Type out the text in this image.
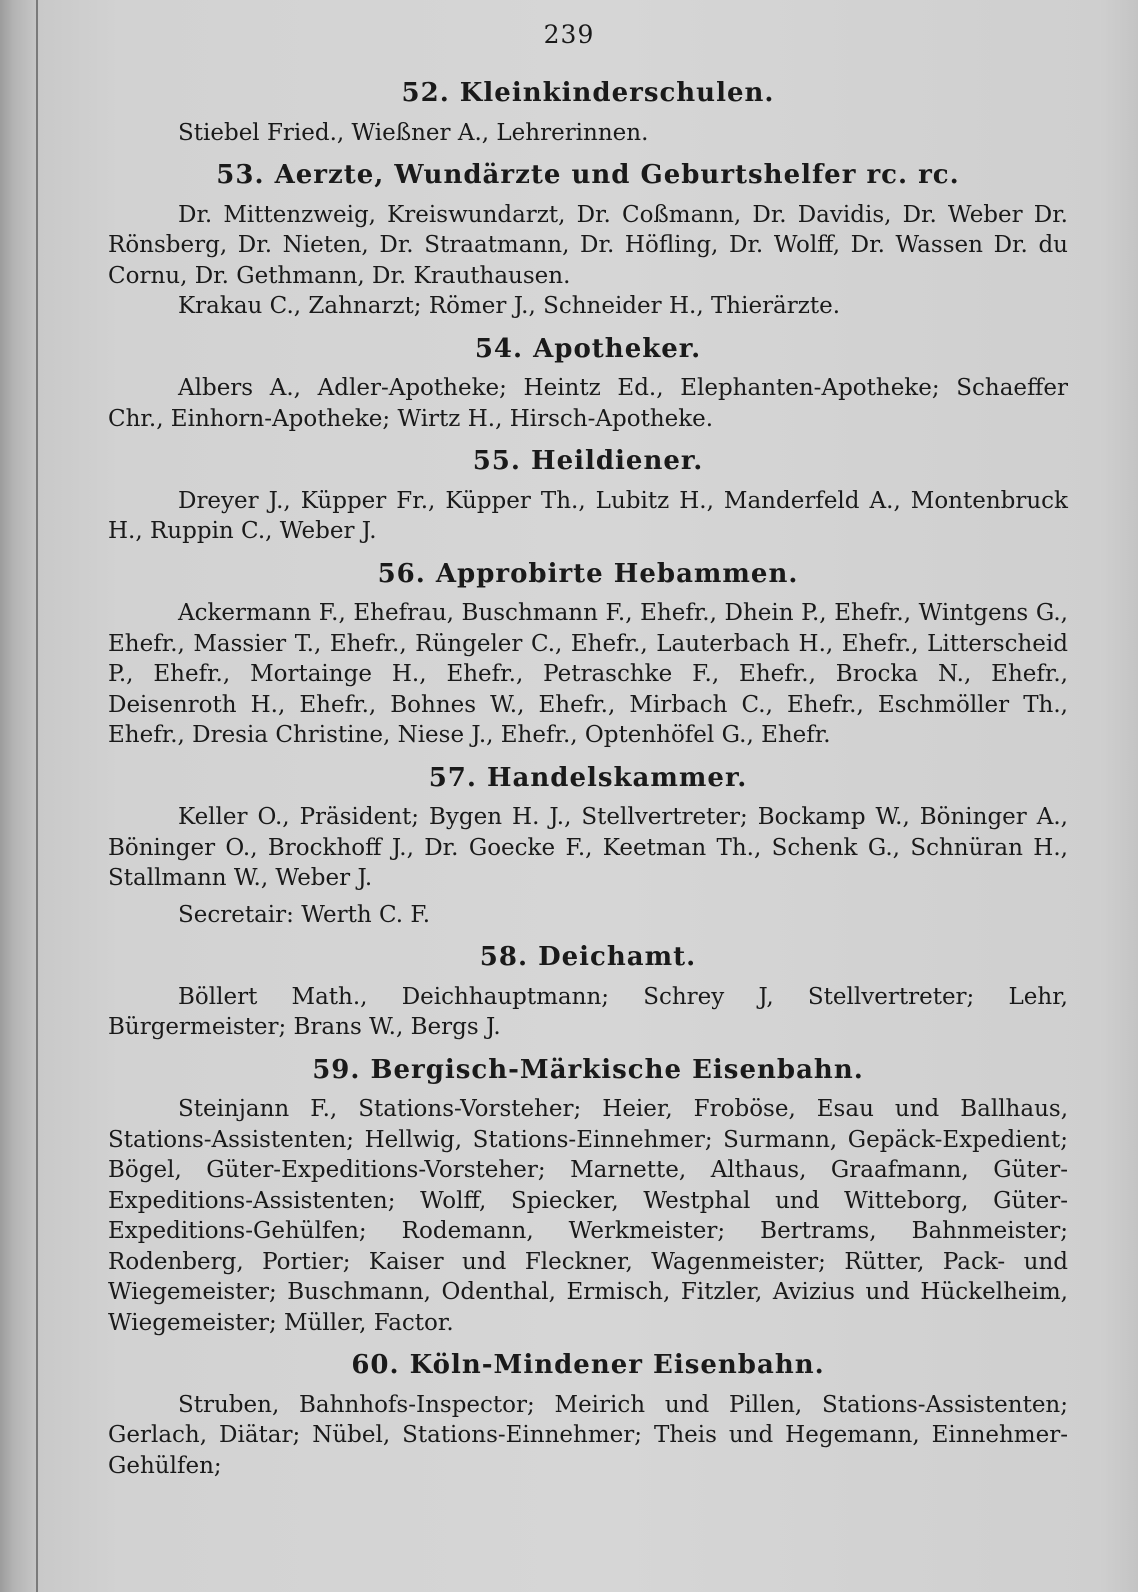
239
52. Kleinkinderschulen.

Stiebel Fried., Wießner A., Lehrerinnen.

53. Aerzte, Wundärzte und Geburtshelfer rc. rc.

Dr. Mittenzweig, Kreiswundarzt, Dr. Coßmann, Dr. Davidis, Dr. Weber Dr. Rönsberg, Dr. Nieten, Dr. Straatmann, Dr. Höfling, Dr. Wolff, Dr. Wassen Dr. du Cornu, Dr. Gethmann, Dr. Krauthausen.

Krakau C., Zahnarzt; Römer J., Schneider H., Thierärzte.

54. Apotheker.

Albers A., Adler-Apotheke; Heintz Ed., Elephanten-Apotheke; Schaeffer Chr., Einhorn-Apotheke; Wirtz H., Hirsch-Apotheke.

55. Heildiener.

Dreyer J., Küpper Fr., Küpper Th., Lubitz H., Manderfeld A., Montenbruck H., Ruppin C., Weber J.

56. Approbirte Hebammen.

Ackermann F., Ehefrau, Buschmann F., Ehefr., Dhein P., Ehefr., Wintgens G., Ehefr., Massier T., Ehefr., Rüngeler C., Ehefr., Lauterbach H., Ehefr., Litterscheid P., Ehefr., Mortainge H., Ehefr., Petraschke F., Ehefr., Brocka N., Ehefr., Deisenroth H., Ehefr., Bohnes W., Ehefr., Mirbach C., Ehefr., Eschmöller Th., Ehefr., Dresia Christine, Niese J., Ehefr., Optenhöfel G., Ehefr.

57. Handelskammer.

Keller O., Präsident; Bygen H. J., Stellvertreter; Bockamp W., Böninger A., Böninger O., Brockhoff J., Dr. Goecke F., Keetman Th., Schenk G., Schnüran H., Stallmann W., Weber J.

Secretair: Werth C. F.

58. Deichamt.

Böllert Math., Deichhauptmann; Schrey J, Stellvertreter; Lehr, Bürgermeister; Brans W., Bergs J.

59. Bergisch-Märkische Eisenbahn.

Steinjann F., Stations-Vorsteher; Heier, Froböse, Esau und Ballhaus, Stations-Assistenten; Hellwig, Stations-Einnehmer; Surmann, Gepäck-Expedient; Bögel, Güter-Expeditions-Vorsteher; Marnette, Althaus, Graafmann, Güter-Expeditions-Assistenten; Wolff, Spiecker, Westphal und Witteborg, Güter-Expeditions-Gehülfen; Rodemann, Werkmeister; Bertrams, Bahnmeister; Rodenberg, Portier; Kaiser und Fleckner, Wagenmeister; Rütter, Pack- und Wiegemeister; Buschmann, Odenthal, Ermisch, Fitzler, Avizius und Hückelheim, Wiegemeister; Müller, Factor.

60. Köln-Mindener Eisenbahn.

Struben, Bahnhofs-Inspector; Meirich und Pillen, Stations-Assistenten; Gerlach, Diätar; Nübel, Stations-Einnehmer; Theis und Hegemann, Einnehmer-Gehülfen;
